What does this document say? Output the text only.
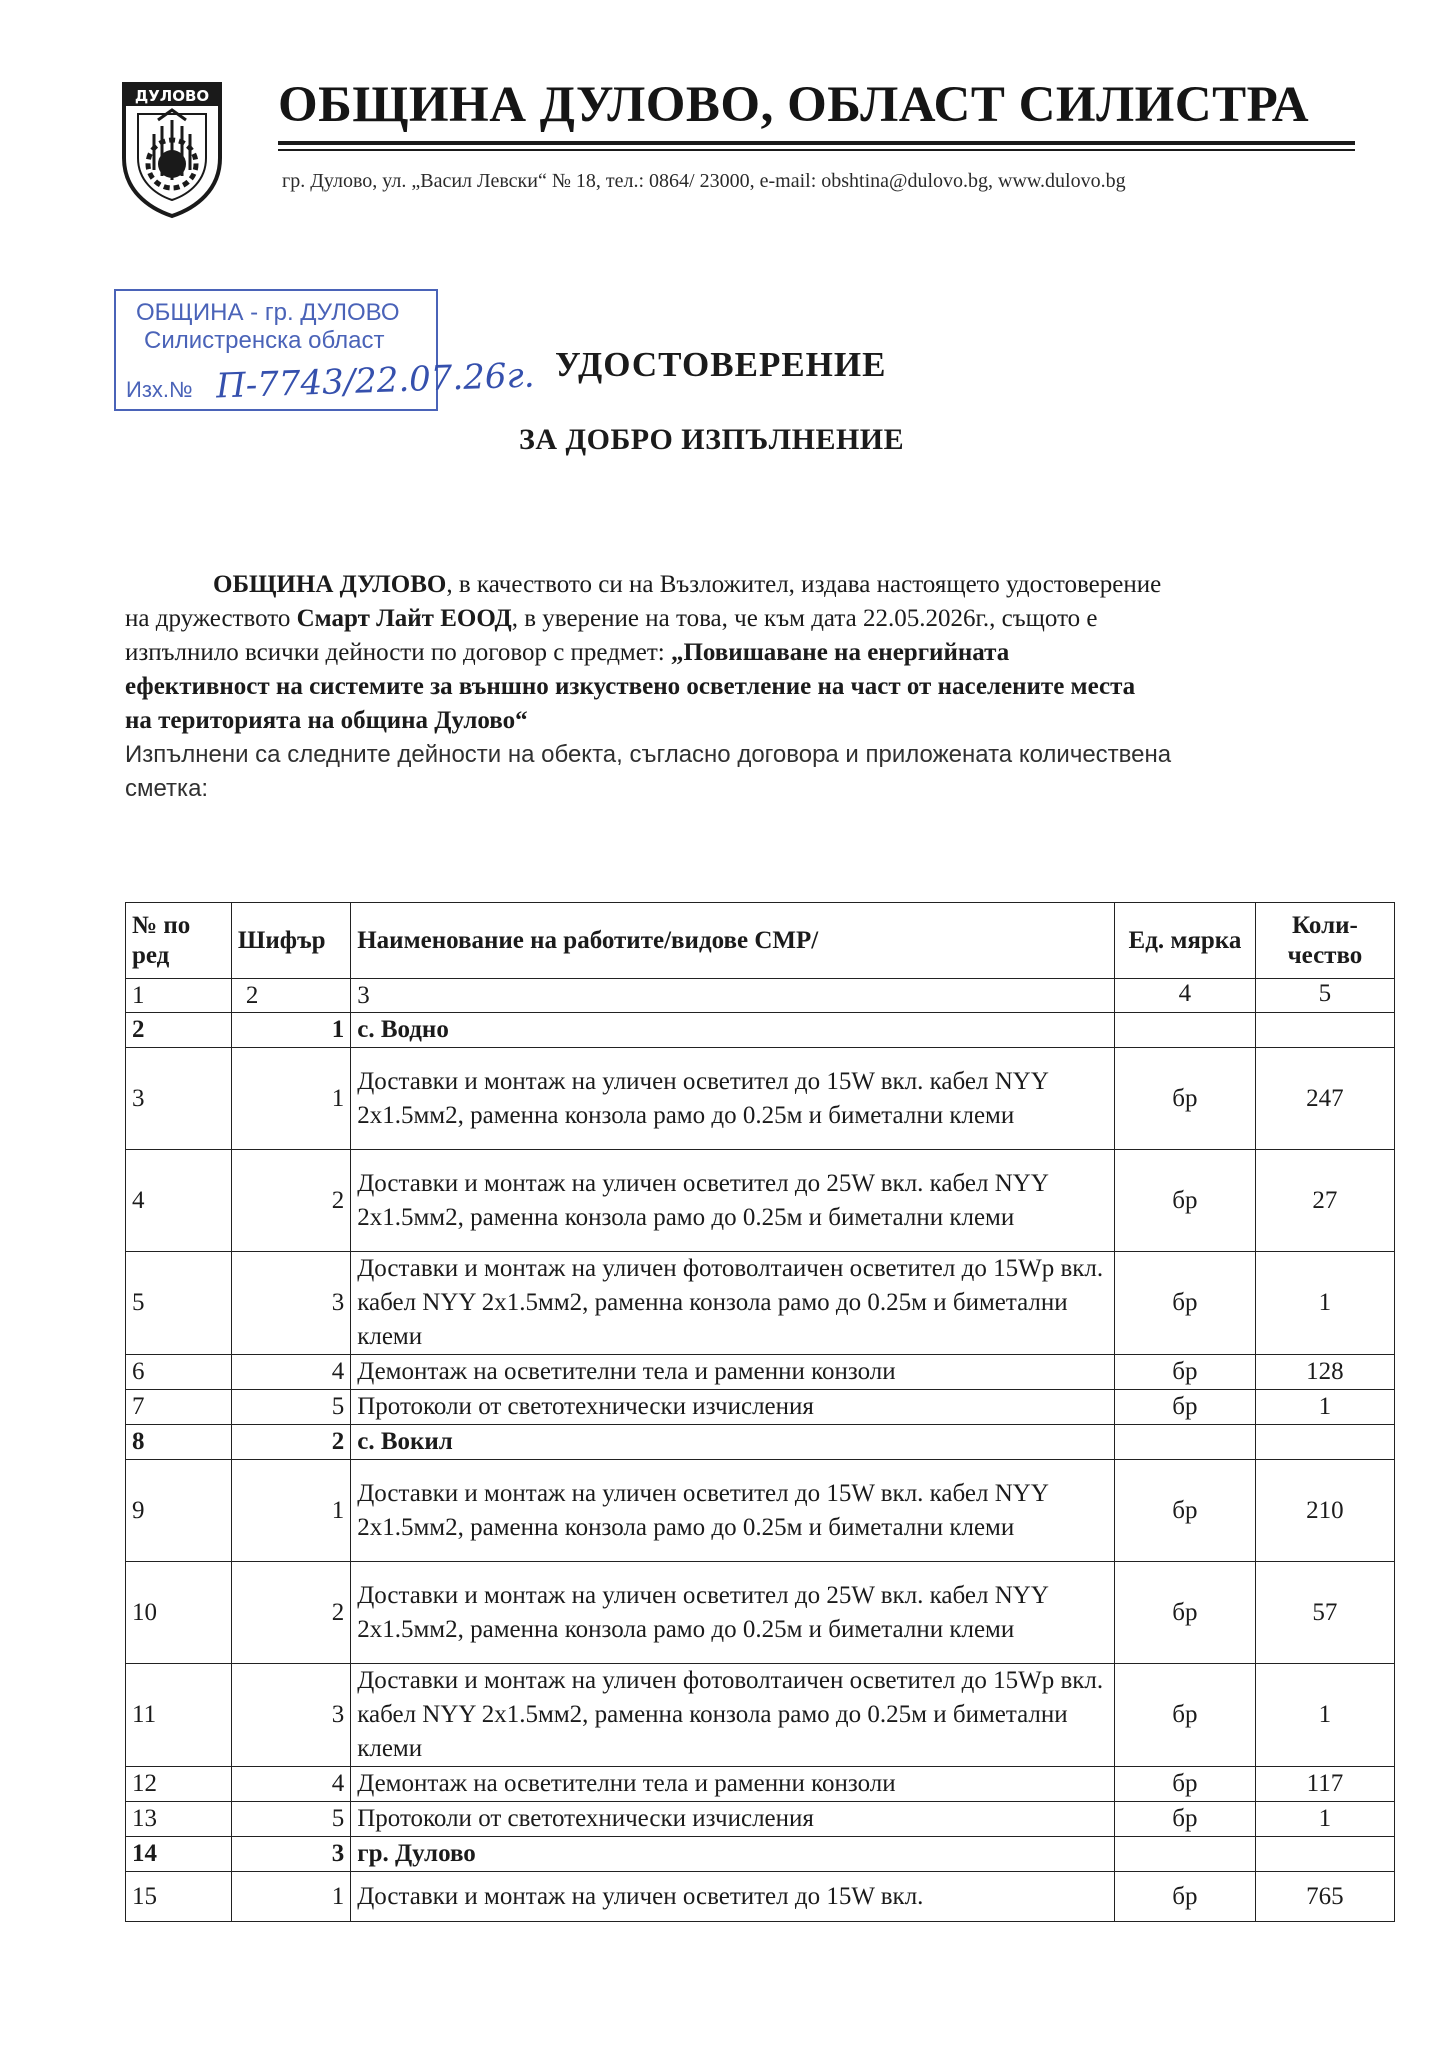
ДУЛОВО ОБЩИНА ДУЛОВО, ОБЛАСТ СИЛИСТРА
гр. Дулово, ул. „Васил Левски“ № 18, тел.: 0864/ 23000, e-mail: obshtina@dulovo.bg, www.dulovo.bg
ОБЩИНА - гр. ДУЛОВО
Силистренска област
Изх.№ П-7743/22.07.26г. УДОСТОВЕРЕНИЕ
ЗА ДОБРО ИЗПЪЛНЕНИЕ
ОБЩИНА ДУЛОВО, в качеството си на Възложител, издава настоящето удостоверение
на дружеството Смарт Лайт ЕООД, в уверение на това, че към дата 22.05.2026г., същото е
изпълнило всички дейности по договор с предмет: „Повишаване на енергийната
ефективност на системите за външно изкуствено осветление на част от населените места
на територията на община Дулово“
Изпълнени са следните дейности на обекта, съгласно договора и приложената количествена
сметка:
№ по ред	Шифър	Наименование на работите/видове СМР/	Ед. мярка	Коли-чество
1	2	3	4	5
2	1	с. Водно		
3	1	Доставки и монтаж на уличен осветител до 15W вкл. кабел NYY 2x1.5мм2, раменна конзола рамо до 0.25м и биметални клеми	бр	247
4	2	Доставки и монтаж на уличен осветител до 25W вкл. кабел NYY 2x1.5мм2, раменна конзола рамо до 0.25м и биметални клеми	бр	27
5	3	Доставки и монтаж на уличен фотоволтаичен осветител до 15Wp вкл. кабел NYY 2x1.5мм2, раменна конзола рамо до 0.25м и биметални клеми	бр	1
6	4	Демонтаж на осветителни тела и раменни конзоли	бр	128
7	5	Протоколи от светотехнически изчисления	бр	1
8	2	с. Вокил		
9	1	Доставки и монтаж на уличен осветител до 15W вкл. кабел NYY 2x1.5мм2, раменна конзола рамо до 0.25м и биметални клеми	бр	210
10	2	Доставки и монтаж на уличен осветител до 25W вкл. кабел NYY 2x1.5мм2, раменна конзола рамо до 0.25м и биметални клеми	бр	57
11	3	Доставки и монтаж на уличен фотоволтаичен осветител до 15Wp вкл. кабел NYY 2x1.5мм2, раменна конзола рамо до 0.25м и биметални клеми	бр	1
12	4	Демонтаж на осветителни тела и раменни конзоли	бр	117
13	5	Протоколи от светотехнически изчисления	бр	1
14	3	гр. Дулово		
15	1	Доставки и монтаж на уличен осветител до 15W вкл.	бр	765
